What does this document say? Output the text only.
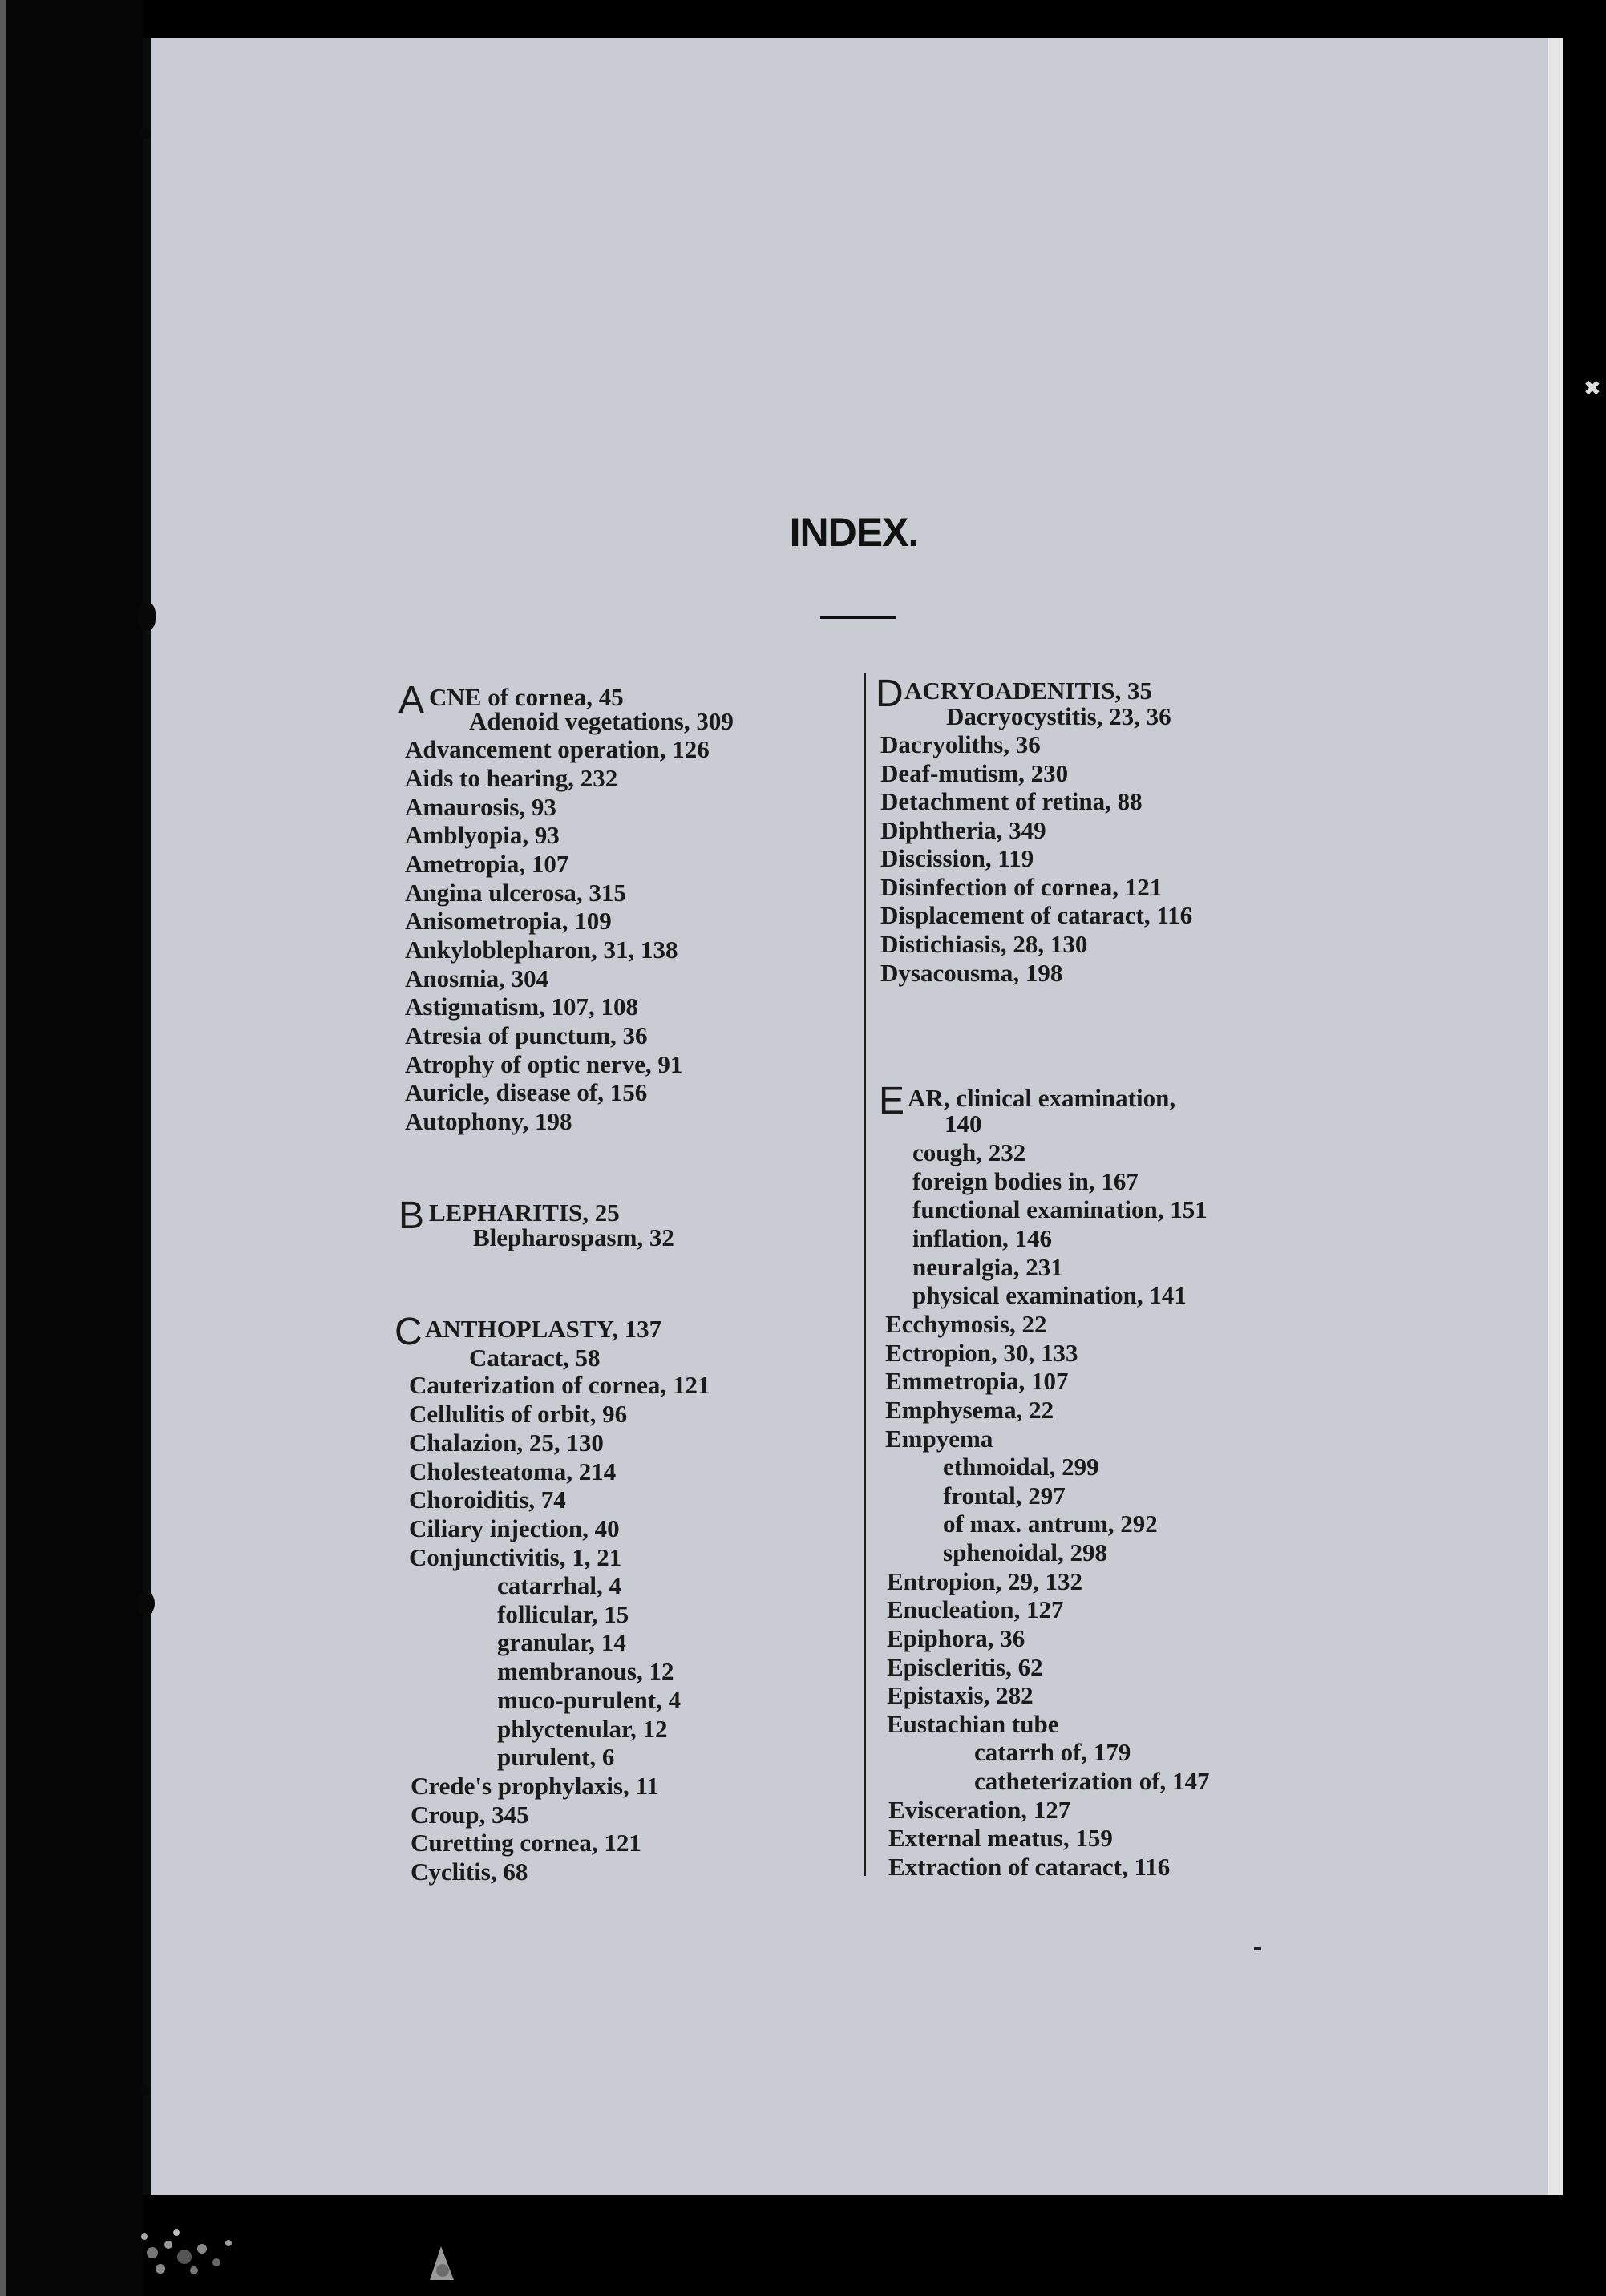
✖
INDEX.
CNE of cornea, 45
A Adenoid vegetations, 309
Advancement operation, 126
Aids to hearing, 232
Amaurosis, 93
Amblyopia, 93
Ametropia, 107
Angina ulcerosa, 315
Anisometropia, 109
Ankyloblepharon, 31, 138
Anosmia, 304
Astigmatism, 107, 108
Atresia of punctum, 36
Atrophy of optic nerve, 91
Auricle, disease of, 156
Autophony, 198
LEPHARITIS, 25
B
Blepharospasm, 32
ANTHOPLASTY, 137
C
Cataract, 58
Cauterization of cornea, 121
Cellulitis of orbit, 96
Chalazion, 25, 130
Cholesteatoma, 214
Choroiditis, 74
Ciliary injection, 40
Conjunctivitis, 1, 21
catarrhal, 4
follicular, 15
granular, 14
membranous, 12
muco-purulent, 4
phlyctenular, 12
purulent, 6
Crede's prophylaxis, 11
Croup, 345
Curetting cornea, 121
Cyclitis, 68
ACRYOADENITIS, 35
D
Dacryocystitis, 23, 36
Dacryoliths, 36
Deaf-mutism, 230
Detachment of retina, 88
Diphtheria, 349
Discission, 119
Disinfection of cornea, 121
Displacement of cataract, 116
Distichiasis, 28, 130
Dysacousma, 198
AR, clinical examination,
E
140
cough, 232
foreign bodies in, 167
functional examination, 151
inflation, 146
neuralgia, 231
physical examination, 141
Ecchymosis, 22
Ectropion, 30, 133
Emmetropia, 107
Emphysema, 22
Empyema
ethmoidal, 299
frontal, 297
of max. antrum, 292
sphenoidal, 298
Entropion, 29, 132
Enucleation, 127
Epiphora, 36
Episcleritis, 62
Epistaxis, 282
Eustachian tube
catarrh of, 179
catheterization of, 147
Evisceration, 127
External meatus, 159
Extraction of cataract, 116
